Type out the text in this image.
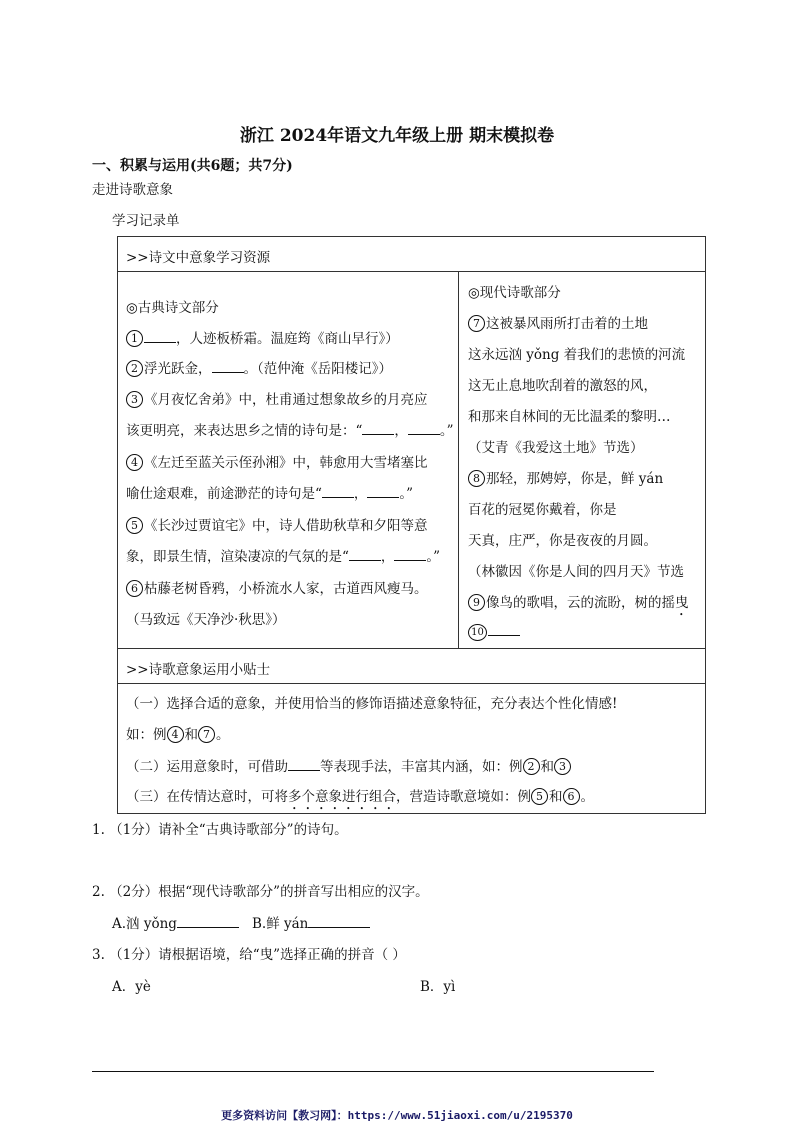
浙江 2024年语文九年级上册 期末模拟卷
一、积累与运用(共6题；共7分)
走进诗歌意象
学习记录单
>>诗文中意象学习资源
◎古典诗文部分
1	，人迹板桥霜。温庭筠《商山早行》）
2 浮光跃金， 。（范仲淹《岳阳楼记》）
3 《月夜忆舍弟》中，杜甫通过想象故乡的月亮应
该更明亮，来表达思乡之情的诗句是：“ ， 。”
4 《左迁至蓝关示侄孙湘》中，韩愈用大雪堵塞比
喻仕途艰难，前途渺茫的诗句是“ ， 。”
5 《长沙过贾谊宅》中，诗人借助秋草和夕阳等意
象，即景生情，渲染凄凉的气氛的是“ ， 。”
6 枯藤老树昏鸦，小桥流水人家，古道西风瘦马。
（马致远《天净沙·秋思》）
◎现代诗歌部分
7 这被暴风雨所打击着的土地
这永远汹 yǒng 着我们的悲愤的河流
这无止息地吹刮着的激怒的风，
和那来自林间的无比温柔的黎明…
（艾青《我爱这土地》节选）
8 那轻，那娉婷，你是，鲜 yán
百花的冠冕你戴着，你是
天真，庄严，你是夜夜的月圆。
（林徽因《你是人间的四月天》节选
9 像鸟的歌唱，云的流盼，树的摇曳
10
>>诗歌意象运用小贴士
（一）选择合适的意象，并使用恰当的修饰语描述意象特征，充分表达个性化情感!
如：例 4 和 7 。
（二）运用意象时，可借助 等表现手法，丰富其内涵，如：例 2 和 3
（三）在传情达意时，可将多个意象进行组合，营造诗歌意境如：例 5 和 6 。
1. （1分）请补全“古典诗歌部分”的诗句。
2. （2分）根据“现代诗歌部分”的拼音写出相应的汉字。
A.汹 yǒng	B.鲜 yán
3. （1分）请根据语境，给“曳”选择正确的拼音（ ）
A．yè	B．yì
更多资料访问【教习网】：https://www.51jiaoxi.com/u/2195370
